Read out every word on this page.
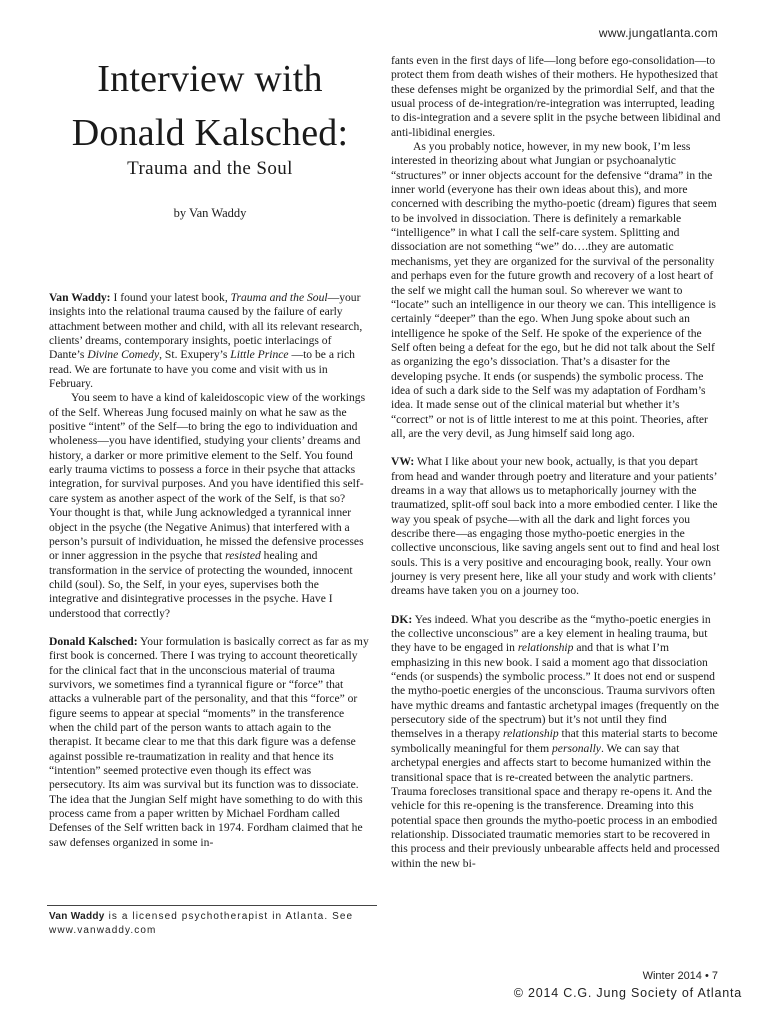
www.jungatlanta.com
Interview with
Donald Kalsched:
Trauma and the Soul
by Van Waddy

Van Waddy: I found your latest book, Trauma and the Soul—your insights into the relational trauma caused by the failure of early attachment between mother and child, with all its relevant research, clients’ dreams, contemporary insights, poetic interlacings of Dante’s Divine Comedy, St. Exupery’s Little Prince —to be a rich read. We are fortunate to have you come and visit with us in February.

You seem to have a kind of kaleidoscopic view of the workings of the Self. Whereas Jung focused mainly on what he saw as the positive “intent” of the Self—to bring the ego to individuation and wholeness—you have identified, studying your clients’ dreams and history, a darker or more primitive element to the Self. You found early trauma victims to possess a force in their psyche that attacks integration, for survival purposes. And you have identified this self-care system as another aspect of the work of the Self, is that so? Your thought is that, while Jung acknowledged a tyrannical inner object in the psyche (the Negative Animus) that interfered with a person’s pursuit of individuation, he missed the defensive processes or inner aggression in the psyche that resisted healing and transformation in the service of protecting the wounded, innocent child (soul). So, the Self, in your eyes, supervises both the integrative and disintegrative processes in the psyche. Have I understood that correctly?

Donald Kalsched: Your formulation is basically correct as far as my first book is concerned. There I was trying to account theoretically for the clinical fact that in the unconscious material of trauma survivors, we sometimes find a tyrannical figure or “force” that attacks a vulnerable part of the personality, and that this “force” or figure seems to appear at special “moments” in the transference when the child part of the person wants to attach again to the therapist. It became clear to me that this dark figure was a defense against possible re-traumatization in reality and that hence its “intention” seemed protective even though its effect was persecutory. Its aim was survival but its function was to dissociate. The idea that the Jungian Self might have something to do with this process came from a paper written by Michael Fordham called Defenses of the Self written back in 1974. Fordham claimed that he saw defenses organized in some in-

Van Waddy is a licensed psychotherapist in Atlanta. See www.vanwaddy.com

fants even in the first days of life—long before ego-consolidation—to protect them from death wishes of their mothers. He hypothesized that these defenses might be organized by the primordial Self, and that the usual process of de-integration/re-integration was interrupted, leading to dis-integration and a severe split in the psyche between libidinal and anti-libidinal energies.

As you probably notice, however, in my new book, I’m less interested in theorizing about what Jungian or psychoanalytic “structures” or inner objects account for the defensive “drama” in the inner world (everyone has their own ideas about this), and more concerned with describing the mytho-poetic (dream) figures that seem to be involved in dissociation. There is definitely a remarkable “intelligence” in what I call the self-care system. Splitting and dissociation are not something “we” do….they are automatic mechanisms, yet they are organized for the survival of the personality and perhaps even for the future growth and recovery of a lost heart of the self we might call the human soul. So wherever we want to “locate” such an intelligence in our theory we can. This intelligence is certainly “deeper” than the ego. When Jung spoke about such an intelligence he spoke of the Self. He spoke of the experience of the Self often being a defeat for the ego, but he did not talk about the Self as organizing the ego’s dissociation. That’s a disaster for the developing psyche. It ends (or suspends) the symbolic process. The idea of such a dark side to the Self was my adaptation of Fordham’s idea. It made sense out of the clinical material but whether it’s “correct” or not is of little interest to me at this point. Theories, after all, are the very devil, as Jung himself said long ago.

VW: What I like about your new book, actually, is that you depart from head and wander through poetry and literature and your patients’ dreams in a way that allows us to metaphorically journey with the traumatized, split-off soul back into a more embodied center. I like the way you speak of psyche—with all the dark and light forces you describe there—as engaging those mytho-poetic energies in the collective unconscious, like saving angels sent out to find and heal lost souls. This is a very positive and encouraging book, really. Your own journey is very present here, like all your study and work with clients’ dreams have taken you on a journey too.

DK: Yes indeed. What you describe as the “mytho-poetic energies in the collective unconscious” are a key element in healing trauma, but they have to be engaged in relationship and that is what I’m emphasizing in this new book. I said a moment ago that dissociation “ends (or suspends) the symbolic process.” It does not end or suspend the mytho-poetic energies of the unconscious. Trauma survivors often have mythic dreams and fantastic archetypal images (frequently on the persecutory side of the spectrum) but it’s not until they find themselves in a therapy relationship that this material starts to become symbolically meaningful for them personally. We can say that archetypal energies and affects start to become humanized within the transitional space that is re-created between the analytic partners. Trauma forecloses transitional space and therapy re-opens it. And the vehicle for this re-opening is the transference. Dreaming into this potential space then grounds the mytho-poetic process in an embodied relationship. Dissociated traumatic memories start to be recovered in this process and their previously unbearable affects held and processed within the new bi-

Winter 2014 • 7
© 2014 C.G. Jung Society of Atlanta
